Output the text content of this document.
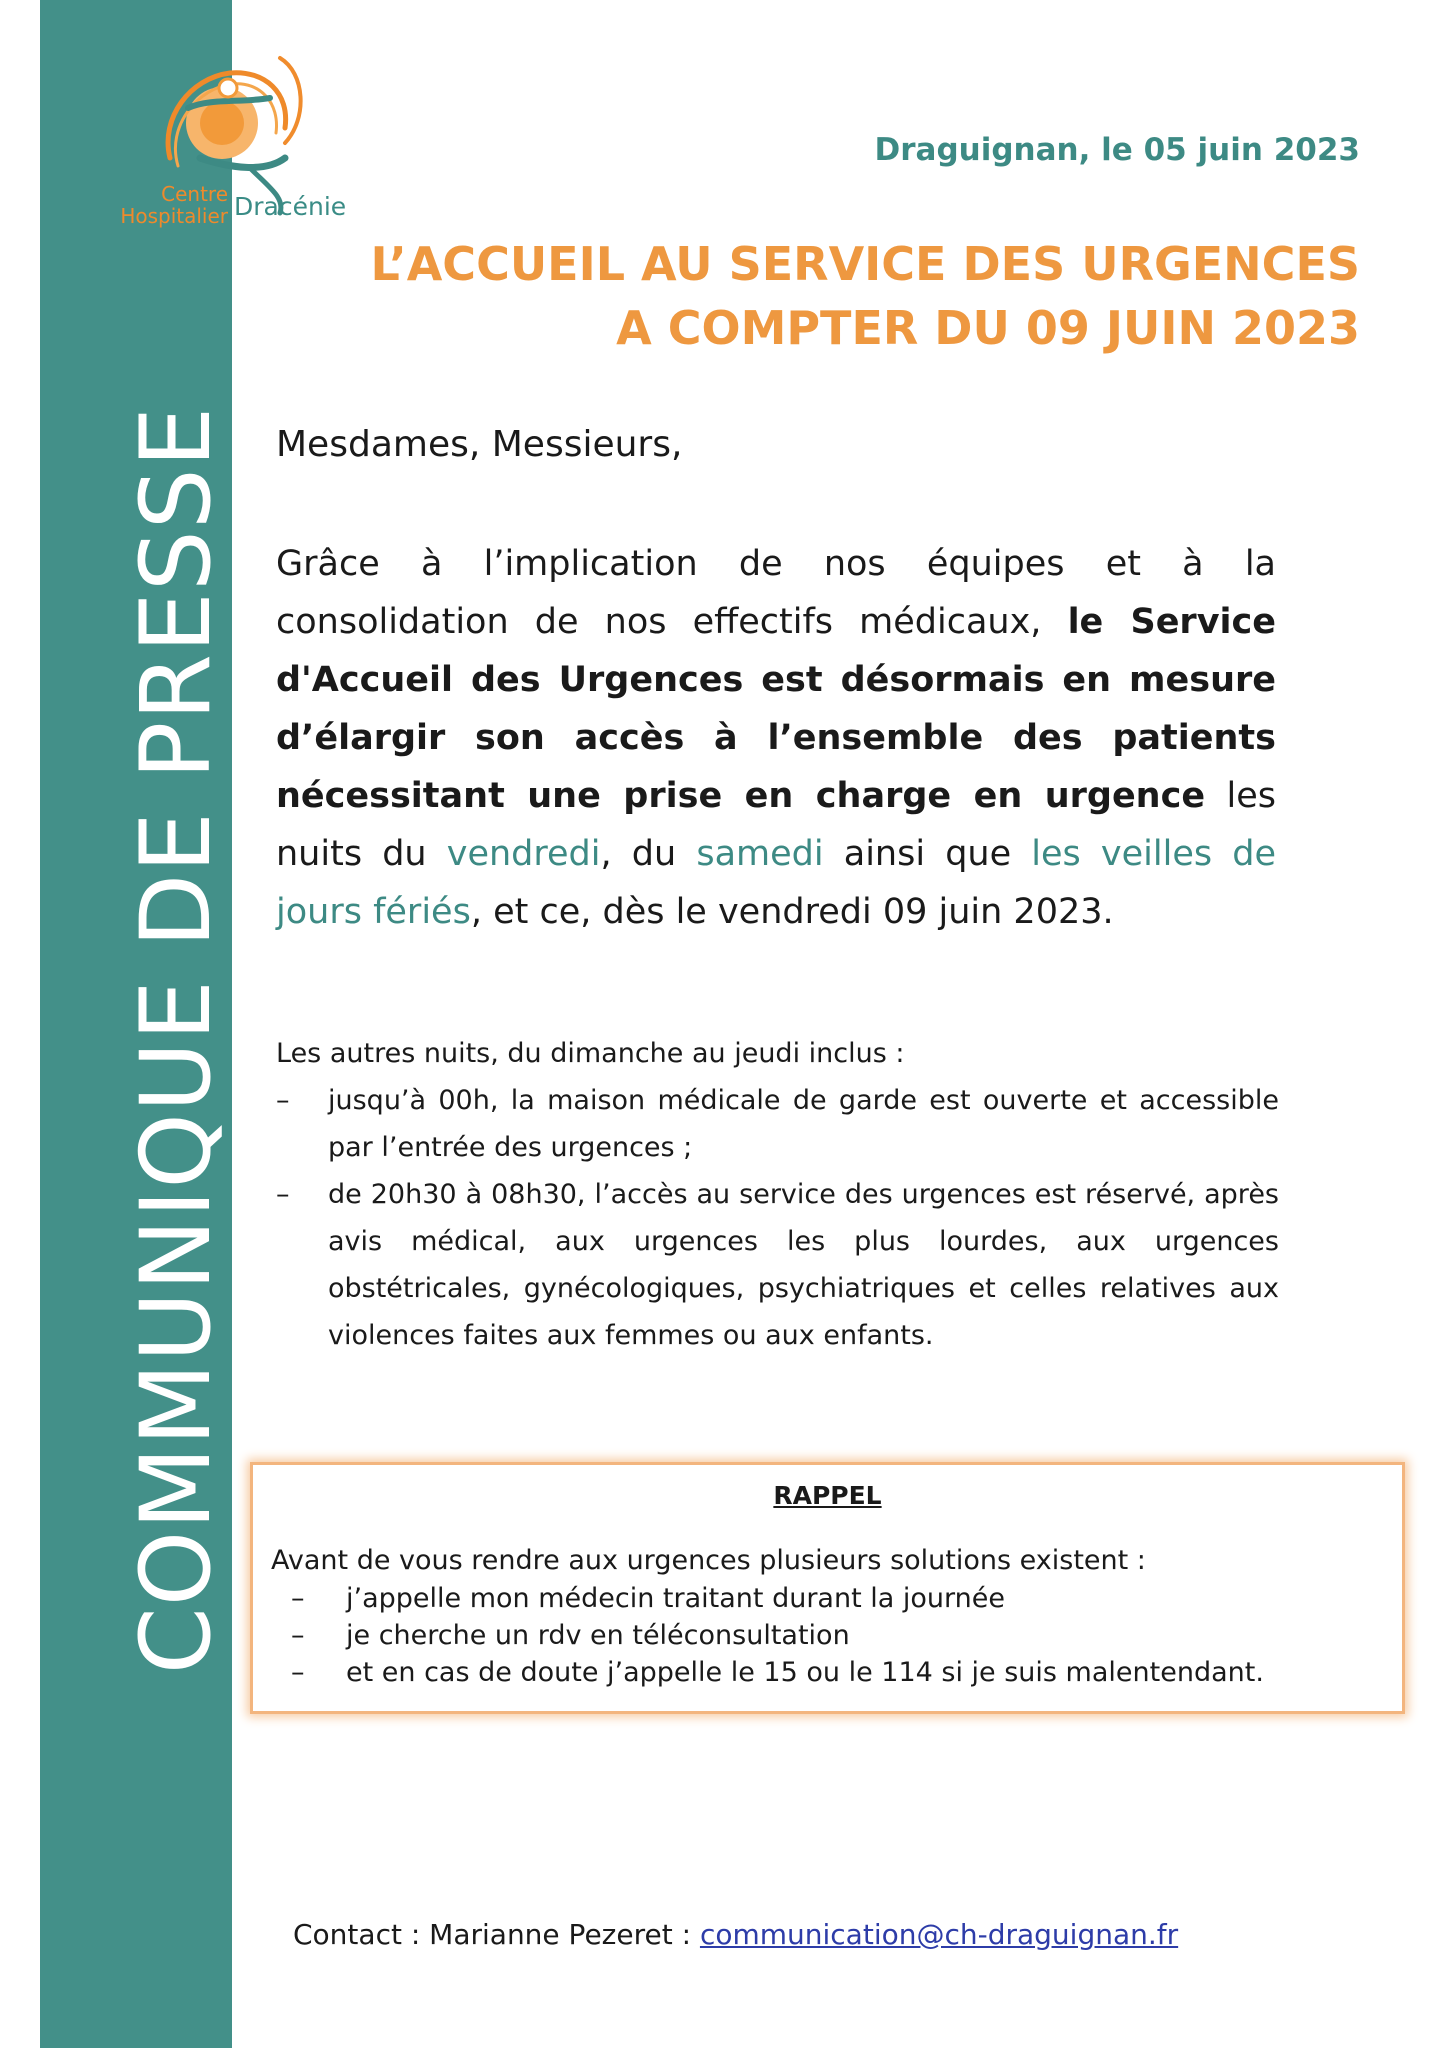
COMMUNIQUE DE PRESSE
Centre
Hospitalier Dracénie
Draguignan, le 05 juin 2023
L’ACCUEIL AU SERVICE DES URGENCES
A COMPTER DU 09 JUIN 2023
Mesdames, Messieurs,
Grâce à l’implication de nos équipes et à la consolidation de nos effectifs médicaux, le Service d'Accueil des Urgences est désormais en mesure d’élargir son accès à l’ensemble des patients nécessitant une prise en charge en urgence les nuits du vendredi, du samedi ainsi que les veilles de jours fériés, et ce, dès le vendredi 09 juin 2023.
Les autres nuits, du dimanche au jeudi inclus :
– jusqu’à 00h, la maison médicale de garde est ouverte et accessible par l’entrée des urgences ;
– de 20h30 à 08h30, l’accès au service des urgences est réservé, après avis médical, aux urgences les plus lourdes, aux urgences obstétricales, gynécologiques, psychiatriques et celles relatives aux violences faites aux femmes ou aux enfants.
RAPPEL
Avant de vous rendre aux urgences plusieurs solutions existent :
– j’appelle mon médecin traitant durant la journée
– je cherche un rdv en téléconsultation
– et en cas de doute j’appelle le 15 ou le 114 si je suis malentendant.
Contact : Marianne Pezeret : communication@ch-draguignan.fr
